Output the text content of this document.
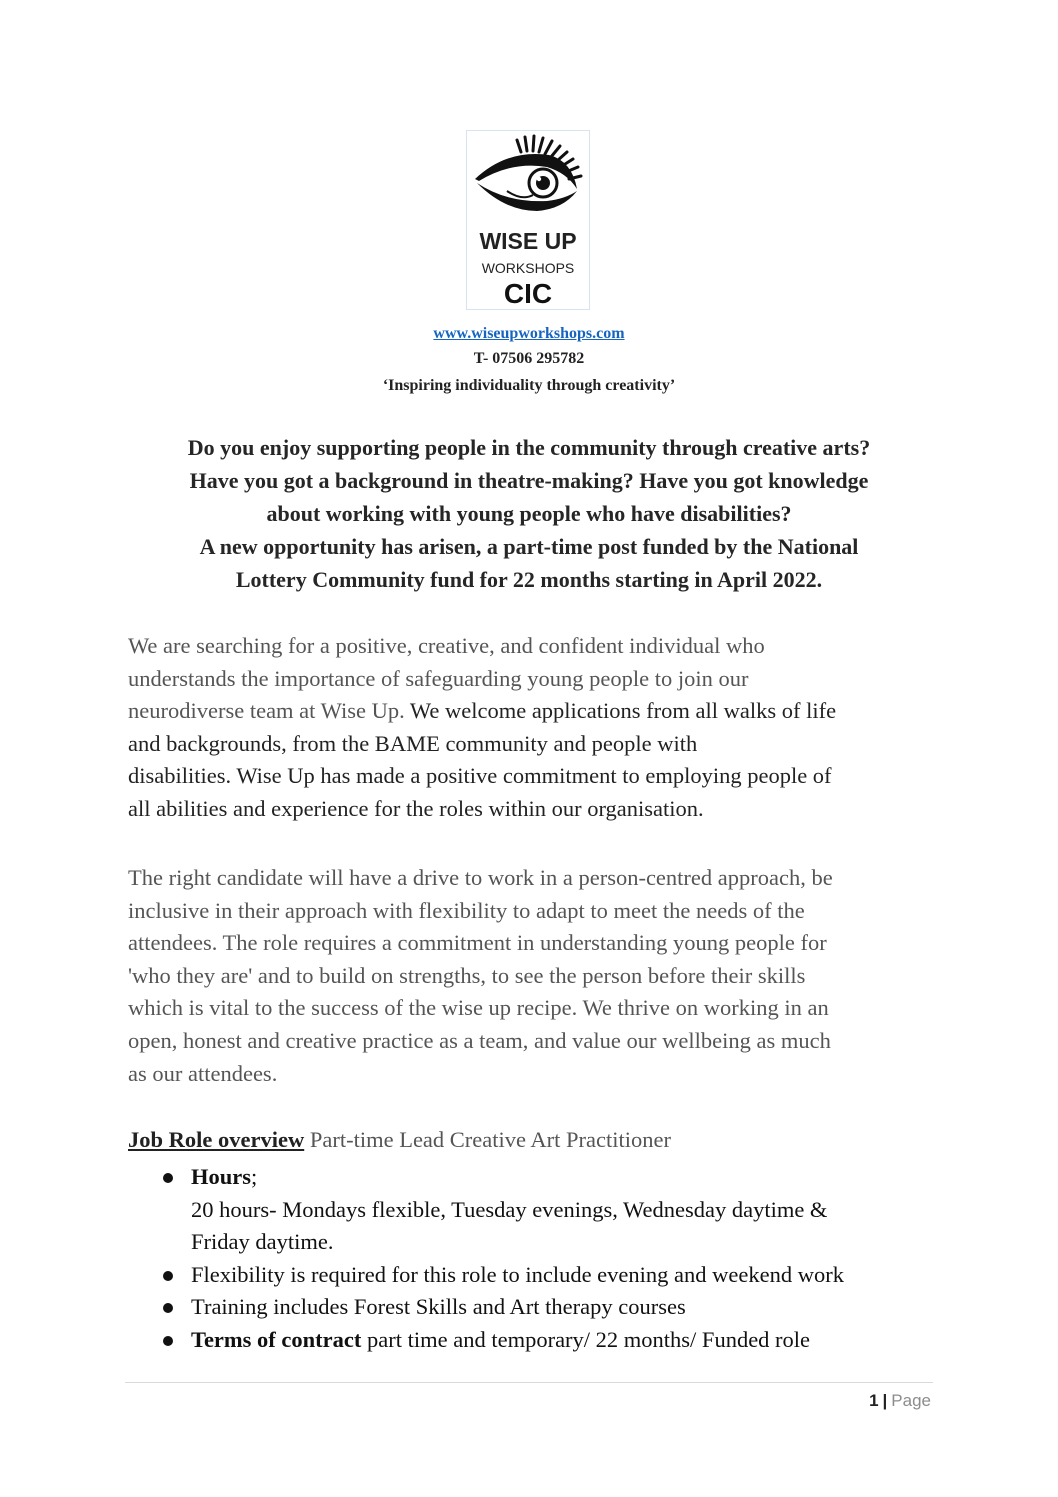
WISE UP
WORKSHOPS
CIC
www.wiseupworkshops.com
T- 07506 295782
‘Inspiring individuality through creativity’

Do you enjoy supporting people in the community through creative arts?
Have you got a background in theatre-making? Have you got knowledge
about working with young people who have disabilities?
A new opportunity has arisen, a part-time post funded by the National
Lottery Community fund for 22 months starting in April 2022.

We are searching for a positive, creative, and confident individual who
understands the importance of safeguarding young people to join our
neurodiverse team at Wise Up. We welcome applications from all walks of life
and backgrounds, from the BAME community and people with
disabilities. Wise Up has made a positive commitment to employing people of
all abilities and experience for the roles within our organisation.

The right candidate will have a drive to work in a person-centred approach, be
inclusive in their approach with flexibility to adapt to meet the needs of the
attendees. The role requires a commitment in understanding young people for
'who they are' and to build on strengths, to see the person before their skills
which is vital to the success of the wise up recipe. We thrive on working in an
open, honest and creative practice as a team, and value our wellbeing as much
as our attendees.

Job Role overview Part-time Lead Creative Art Practitioner
Hours;
20 hours- Mondays flexible, Tuesday evenings, Wednesday daytime &
Friday daytime.
Flexibility is required for this role to include evening and weekend work
Training includes Forest Skills and Art therapy courses
Terms of contract part time and temporary/ 22 months/ Funded role
1 | Page
